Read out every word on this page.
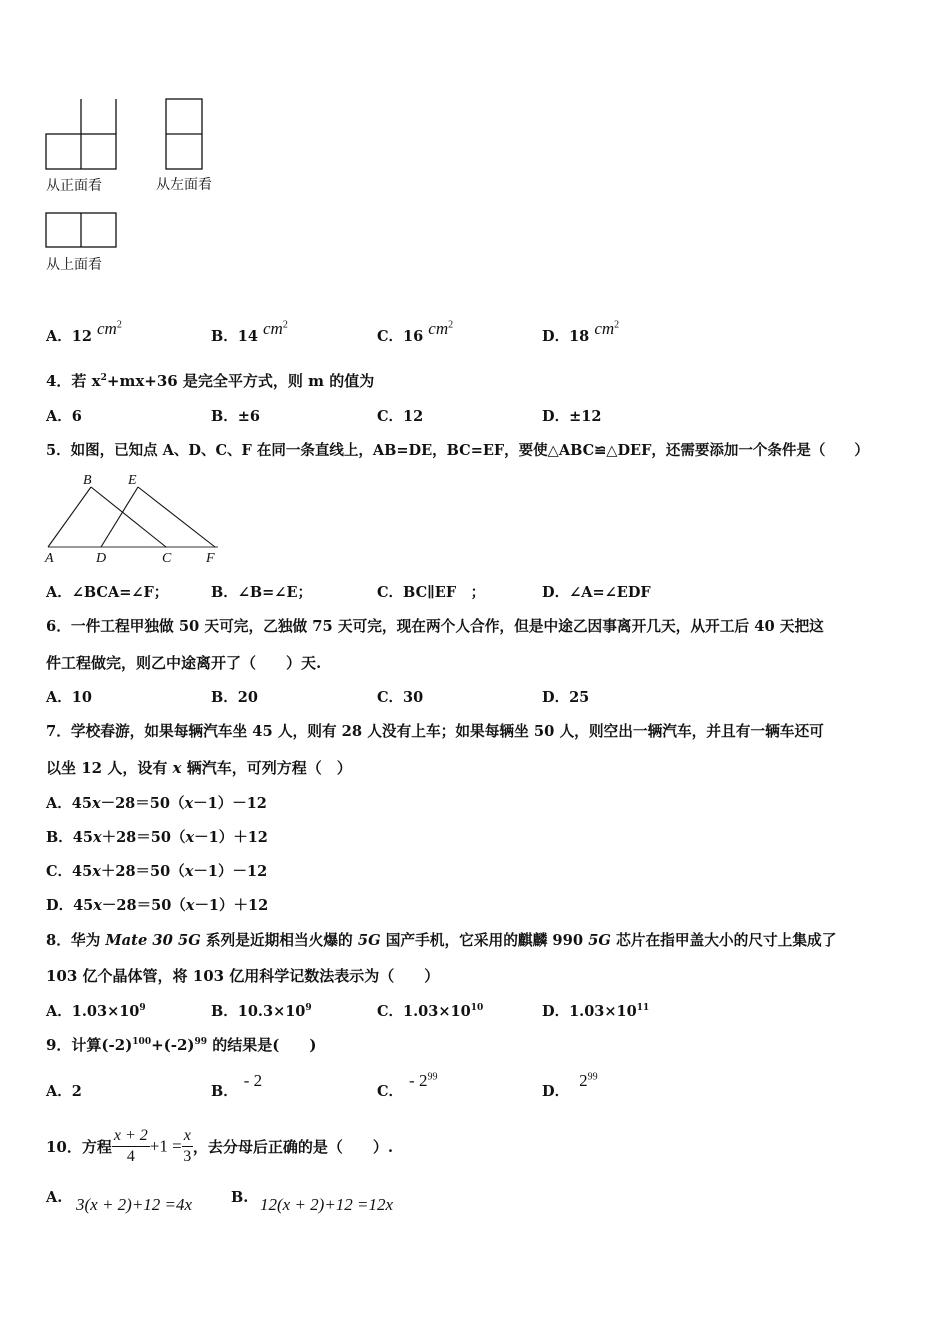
从正面看	从左面看
从上面看
A．12 $cm^2$
B．14 $cm^2$
C．16 $cm^2$
D．18 $cm^2$
4．若 $x^2+mx+36$ 是完全平方式，则 m 的值为
A．6	B．±6	C．12	D．±12
5．如图，已知点 A、D、C、F 在同一条直线上，AB=DE，BC=EF，要使△ABC≌△DEF，还需要添加一个条件是（　　）
B	E
A	D	C F
A．∠BCA=∠F；	B．∠B=∠E；	C．BC∥EF　；	D．∠A=∠EDF
6．一件工程甲独做 50 天可完，乙独做 75 天可完，现在两个人合作，但是中途乙因事离开几天，从开工后 40 天把这
件工程做完，则乙中途离开了（　　）天.
A．10	B．20	C．30	D．25
7．学校春游，如果每辆汽车坐 45 人，则有 28 人没有上车；如果每辆坐 50 人，则空出一辆汽车，并且有一辆车还可
以坐 12 人，设有 x 辆汽车，可列方程（　）
A．45x－28＝50（x－1）－12
B．45x＋28＝50（x－1）＋12
C．45x＋28＝50（x－1）－12
D．45x－28＝50（x－1）＋12
8．华为 Mate 30 5G 系列是近期相当火爆的 5G 国产手机，它采用的麒麟 990 5G 芯片在指甲盖大小的尺寸上集成了
103 亿个晶体管，将 103 亿用科学记数法表示为（　　）
A．$1.03\times 10^9$	B．$10.3\times 10^9$	C．$1.03\times 10^{10}$	D．$1.03\times 10^{11}$
9．计算$(-2)^{100}+(-2)^{99}$ 的结果是(　　)
A．2	B．- 2
C．- $2^{99}$
D．$2^{99}$
10．方程 $\frac{x + 2}{4} +1 = \frac{x}{3}$ ，去分母后正确的是（　　）.
A. 3(x + 2)+12 =4x	B. 12(x + 2)+12 =12x
